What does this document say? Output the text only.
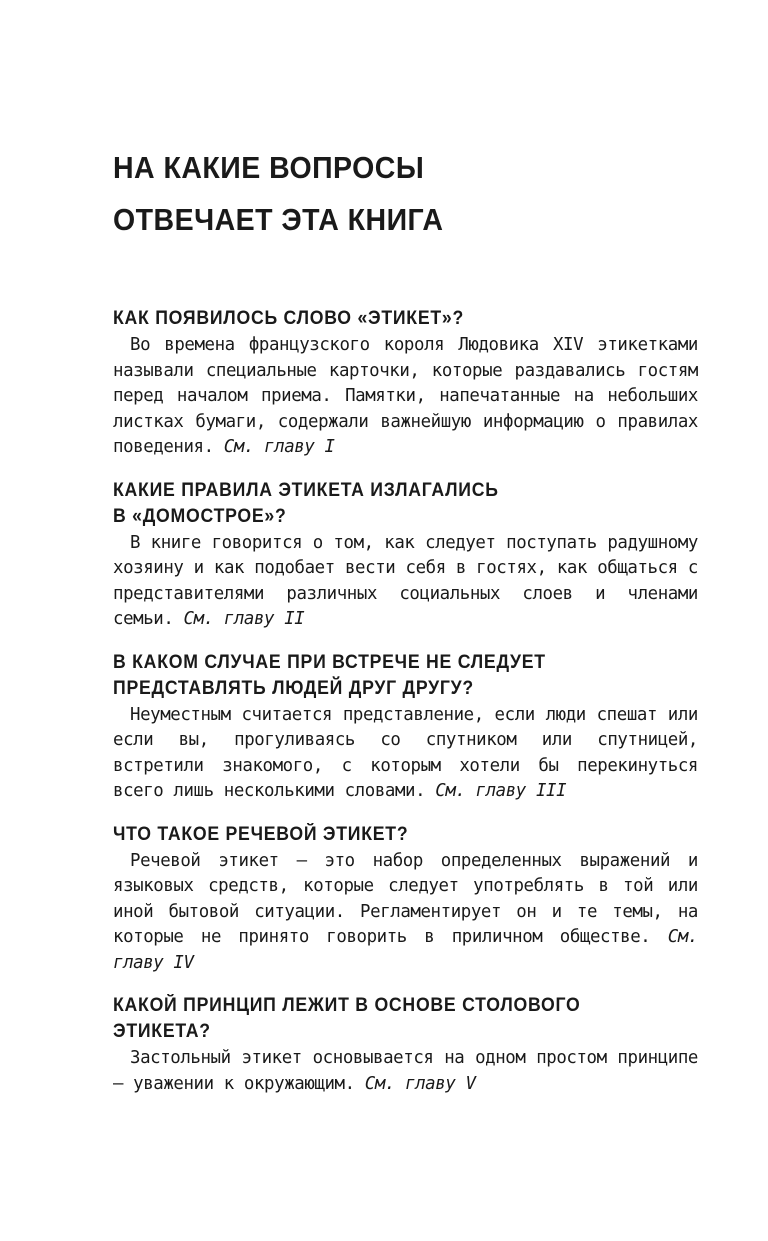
НА КАКИЕ ВОПРОСЫ
ОТВЕЧАЕТ ЭТА КНИГА
КАК ПОЯВИЛОСЬ СЛОВО «ЭТИКЕТ»?

Во времена французского короля Людовика XIV этикетками называли специальные карточки, которые раздавались гостям перед началом приема. Памятки, напечатанные на небольших листках бумаги, содержали важнейшую информацию о правилах поведения. См. главу I

КАКИЕ ПРАВИЛА ЭТИКЕТА ИЗЛАГАЛИСЬ
В «ДОМОСТРОЕ»?

В книге говорится о том, как следует поступать радушному хозяину и как подобает вести себя в гостях, как общаться с представителями различных социальных слоев и членами семьи. См. главу II

В КАКОМ СЛУЧАЕ ПРИ ВСТРЕЧЕ НЕ СЛЕДУЕТ
ПРЕДСТАВЛЯТЬ ЛЮДЕЙ ДРУГ ДРУГУ?

Неуместным считается представление, если люди спешат или если вы, прогуливаясь со спутником или спутницей, встретили знакомого, с которым хотели бы перекинуться всего лишь несколькими словами. См. главу III

ЧТО ТАКОЕ РЕЧЕВОЙ ЭТИКЕТ?

Речевой этикет — это набор определенных выражений и языковых средств, которые следует употреблять в той или иной бытовой ситуации. Регламентирует он и те темы, на которые не принято говорить в приличном обществе. См. главу IV

КАКОЙ ПРИНЦИП ЛЕЖИТ В ОСНОВЕ СТОЛОВОГО
ЭТИКЕТА?

Застольный этикет основывается на одном простом принципе — уважении к окружающим. См. главу V
